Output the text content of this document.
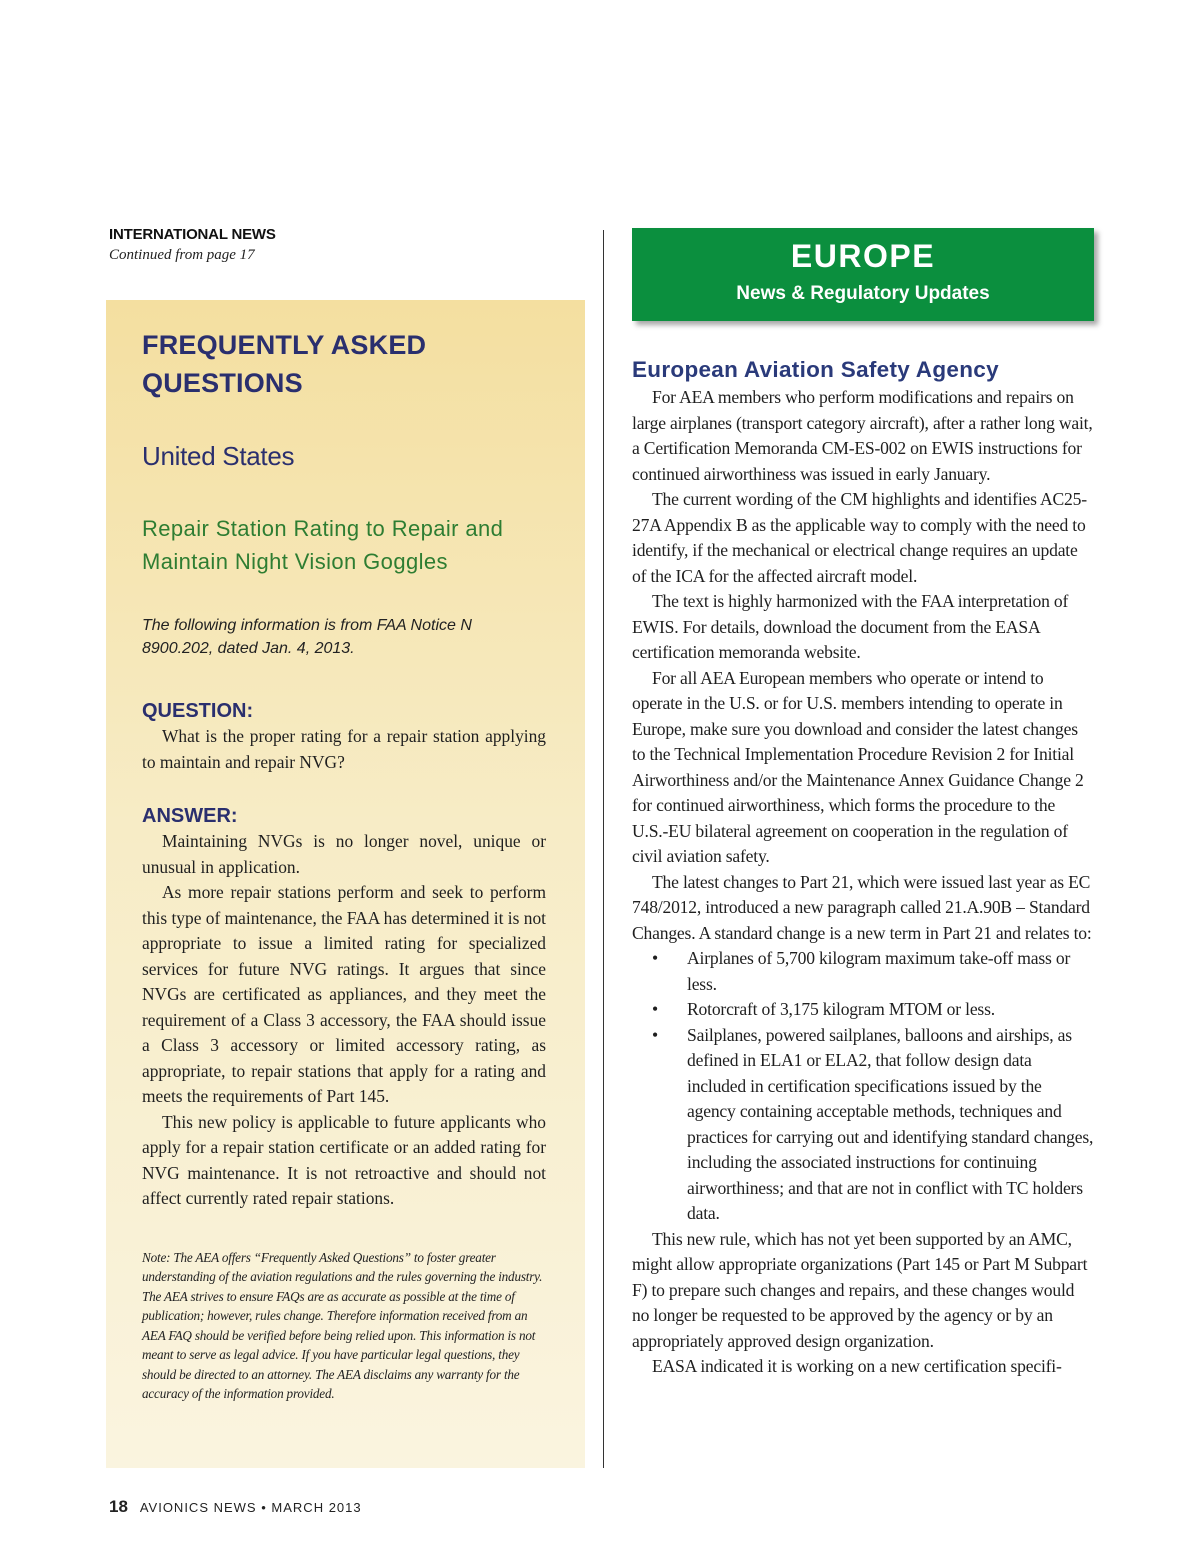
INTERNATIONAL NEWS
Continued from page 17
FREQUENTLY ASKED
QUESTIONS
United States
Repair Station Rating to Repair and
Maintain Night Vision Goggles
The following information is from FAA Notice N 8900.202, dated Jan. 4, 2013.
QUESTION:

What is the proper rating for a repair station applying to maintain and repair NVG?

ANSWER:

Maintaining NVGs is no longer novel, unique or unusual in application.

As more repair stations perform and seek to perform this type of maintenance, the FAA has determined it is not appropriate to issue a limited rating for specialized services for future NVG ratings. It argues that since NVGs are certificated as appliances, and they meet the requirement of a Class 3 accessory, the FAA should issue a Class 3 accessory or limited accessory rating, as appropriate, to repair stations that apply for a rating and meets the requirements of Part 145.

This new policy is applicable to future applicants who apply for a repair station certificate or an added rating for NVG maintenance. It is not retroactive and should not affect currently rated repair stations.

Note: The AEA offers “Frequently Asked Questions” to foster greater understanding of the aviation regulations and the rules governing the industry. The AEA strives to ensure FAQs are as accurate as possible at the time of publication; however, rules change. Therefore information received from an AEA FAQ should be verified before being relied upon. This information is not meant to serve as legal advice. If you have particular legal questions, they should be directed to an attorney. The AEA disclaims any warranty for the accuracy of the information provided.

EUROPE
News & Regulatory Updates
European Aviation Safety Agency

For AEA members who perform modifications and repairs on large airplanes (transport category aircraft), after a rather long wait, a Certification Memoranda CM-ES-002 on EWIS instructions for continued airworthiness was issued in early January.

The current wording of the CM highlights and identifies AC25-27A Appendix B as the applicable way to comply with the need to identify, if the mechanical or electrical change requires an update of the ICA for the affected aircraft model.

The text is highly harmonized with the FAA interpretation of EWIS. For details, download the document from the EASA certification memoranda website.

For all AEA European members who operate or intend to operate in the U.S. or for U.S. members intending to operate in Europe, make sure you download and consider the latest changes to the Technical Implementation Procedure Revision 2 for Initial Airworthiness and/or the Maintenance Annex Guidance Change 2 for continued airworthiness, which forms the procedure to the U.S.-EU bilateral agreement on cooperation in the regulation of civil aviation safety.

The latest changes to Part 21, which were issued last year as EC 748/2012, introduced a new paragraph called 21.A.90B – Standard Changes. A standard change is a new term in Part 21 and relates to:

• Airplanes of 5,700 kilogram maximum take-off mass or less.
• Rotorcraft of 3,175 kilogram MTOM or less.
• Sailplanes, powered sailplanes, balloons and airships, as defined in ELA1 or ELA2, that follow design data included in certification specifications issued by the agency containing acceptable methods, techniques and practices for carrying out and identifying standard changes, including the associated instructions for continuing airworthiness; and that are not in conflict with TC holders data.

This new rule, which has not yet been supported by an AMC, might allow appropriate organizations (Part 145 or Part M Subpart F) to prepare such changes and repairs, and these changes would no longer be requested to be approved by the agency or by an appropriately approved design organization.

EASA indicated it is working on a new certification specifi-

18 AVIONICS NEWS • MARCH 2013
